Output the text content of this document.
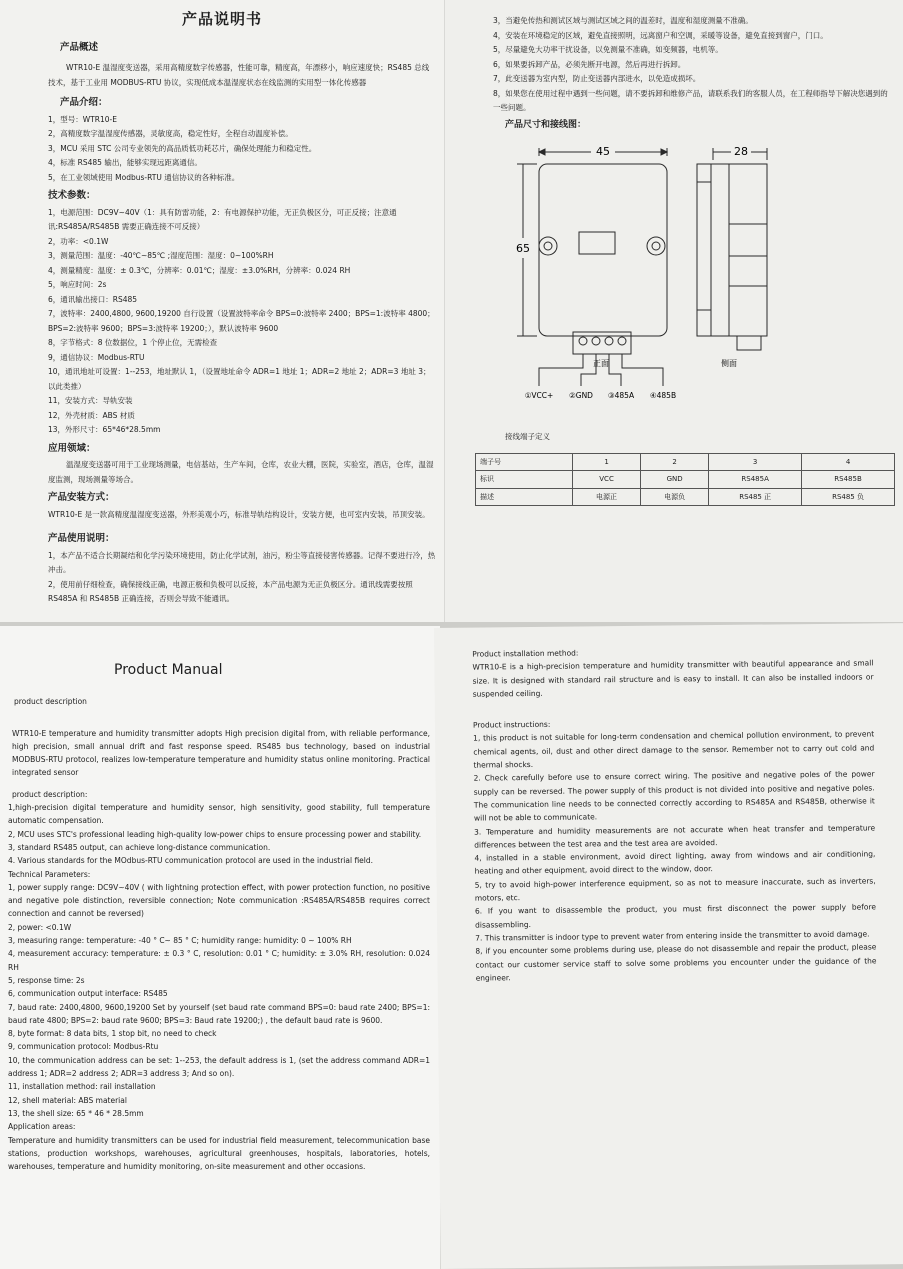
产品说明书
产品概述

WTR10-E 温湿度变送器，采用高精度数字传感器，性能可靠，精度高，年漂移小，响应速度快；RS485 总线技术，基于工业用 MODBUS-RTU 协议，实现低成本温湿度状态在线监测的实用型一体化传感器

产品介绍：

1，型号：WTR10-E

2，高精度数字温湿度传感器，灵敏度高，稳定性好，全程自动温度补偿。

3，MCU 采用 STC 公司专业领先的高品质低功耗芯片，确保处理能力和稳定性。

4，标准 RS485 输出，能够实现远距离通信。

5，在工业领域使用 Modbus-RTU 通信协议的各种标准。

技术参数：

1，电源范围：DC9V~40V（1：具有防雷功能，2：有电源保护功能，无正负极区分，可正反接；注意通讯:RS485A/RS485B 需要正确连接不可反接）

2，功率：<0.1W

3，测量范围：温度：-40℃~85℃ ;湿度范围：湿度：0~100%RH

4，测量精度：温度：± 0.3℃，分辨率：0.01℃；湿度：±3.0%RH，分辨率：0.024 RH

5，响应时间：2s

6，通讯输出接口：RS485

7，波特率：2400,4800, 9600,19200 自行设置（设置波特率命令 BPS=0:波特率 2400；BPS=1:波特率 4800；BPS=2:波特率 9600；BPS=3:波特率 19200；），默认波特率 9600

8，字节格式：8 位数据位，1 个停止位，无需检查

9，通信协议：Modbus-RTU

10，通讯地址可设置：1--253，地址默认 1，（设置地址命令 ADR=1 地址 1；ADR=2 地址 2；ADR=3 地址 3；以此类推）

11，安装方式：导轨安装

12，外壳材质：ABS 材质

13，外形尺寸：65*46*28.5mm

应用领域：

温湿度变送器可用于工业现场测量，电信基站，生产车间，仓库，农业大棚，医院，实验室，酒店，仓库，温湿度监测，现场测量等场合。

产品安装方式：

WTR10-E 是一款高精度温湿度变送器，外形美观小巧，标准导轨结构设计，安装方便，也可室内安装，吊顶安装。

产品使用说明：

1，本产品不适合长期凝结和化学污染环境使用，防止化学试剂，油污，粉尘等直接侵害传感器。记得不要进行冷，热冲击。

2，使用前仔细检查，确保接线正确，电源正极和负极可以反接，本产品电源为无正负极区分。通讯线需要按照 RS485A 和 RS485B 正确连接，否则会导致不能通讯。

3，当避免传热和测试区域与测试区域之间的温差时，温度和湿度测量不准确。
4，安装在环境稳定的区域，避免直接照明，远离窗户和空调，采暖等设备，避免直接到窗户，门口。
5，尽量避免大功率干扰设备，以免测量不准确，如变频器，电机等。
6，如果要拆卸产品，必须先断开电源，然后再进行拆卸。
7，此变送器为室内型，防止变送器内部进水，以免造成损坏。
8，如果您在使用过程中遇到一些问题，请不要拆卸和维修产品，请联系我们的客服人员，在工程师指导下解决您遇到的一些问题。
产品尺寸和接线图：
45	28
65
正面	侧面
①VCC+ ②GND ③485A ④485B
接线端子定义
端子号	1	2	3	4
标识	VCC	GND	RS485A	RS485B
描述	电源正	电源负	RS485 正	RS485 负
Product Manual
product description

WTR10-E temperature and humidity transmitter adopts High precision digital from, with reliable performance, high precision, small annual drift and fast response speed. RS485 bus technology, based on industrial MODBUS-RTU protocol, realizes low-temperature temperature and humidity status online monitoring. Practical integrated sensor

product description:

1,high-precision digital temperature and humidity sensor, high sensitivity, good stability, full temperature automatic compensation.

2, MCU uses STC's professional leading high-quality low-power chips to ensure processing power and stability.

3, standard RS485 output, can achieve long-distance communication.

4. Various standards for the MOdbus-RTU communication protocol are used in the industrial field.

Technical Parameters:

1, power supply range: DC9V~40V ( with lightning protection effect, with power protection function, no positive and negative pole distinction, reversible connection; Note communication :RS485A/RS485B requires correct connection and cannot be reversed)

2, power: <0.1W

3, measuring range: temperature: -40 ° C~ 85 ° C; humidity range: humidity: 0 ~ 100% RH

4, measurement accuracy: temperature: ± 0.3 ° C, resolution: 0.01 ° C; humidity: ± 3.0% RH, resolution: 0.024 RH

5, response time: 2s

6, communication output interface: RS485

7, baud rate: 2400,4800, 9600,19200 Set by yourself (set baud rate command BPS=0: baud rate 2400; BPS=1: baud rate 4800; BPS=2: baud rate 9600; BPS=3: Baud rate 19200;) , the default baud rate is 9600.

8, byte format: 8 data bits, 1 stop bit, no need to check

9, communication protocol: Modbus-Rtu

10, the communication address can be set: 1--253, the default address is 1, (set the address command ADR=1 address 1; ADR=2 address 2; ADR=3 address 3; And so on).

11, installation method: rail installation

12, shell material: ABS material

13, the shell size: 65 * 46 * 28.5mm

Application areas:

Temperature and humidity transmitters can be used for industrial field measurement, telecommunication base stations, production workshops, warehouses, agricultural greenhouses, hospitals, laboratories, hotels, warehouses, temperature and humidity monitoring, on-site measurement and other occasions.

Product installation method:

WTR10-E is a high-precision temperature and humidity transmitter with beautiful appearance and small size. It is designed with standard rail structure and is easy to install. It can also be installed indoors or suspended ceiling.

Product instructions:

1, this product is not suitable for long-term condensation and chemical pollution environment, to prevent chemical agents, oil, dust and other direct damage to the sensor. Remember not to carry out cold and thermal shocks.

2. Check carefully before use to ensure correct wiring. The positive and negative poles of the power supply can be reversed. The power supply of this product is not divided into positive and negative poles. The communication line needs to be connected correctly according to RS485A and RS485B, otherwise it will not be able to communicate.

3. Temperature and humidity measurements are not accurate when heat transfer and temperature differences between the test area and the test area are avoided.

4, installed in a stable environment, avoid direct lighting, away from windows and air conditioning, heating and other equipment, avoid direct to the window, door.

5, try to avoid high-power interference equipment, so as not to measure inaccurate, such as inverters, motors, etc.

6. If you want to disassemble the product, you must first disconnect the power supply before disassembling.

7. This transmitter is indoor type to prevent water from entering inside the transmitter to avoid damage.

8, if you encounter some problems during use, please do not disassemble and repair the product, please contact our customer service staff to solve some problems you encounter under the guidance of the engineer.
